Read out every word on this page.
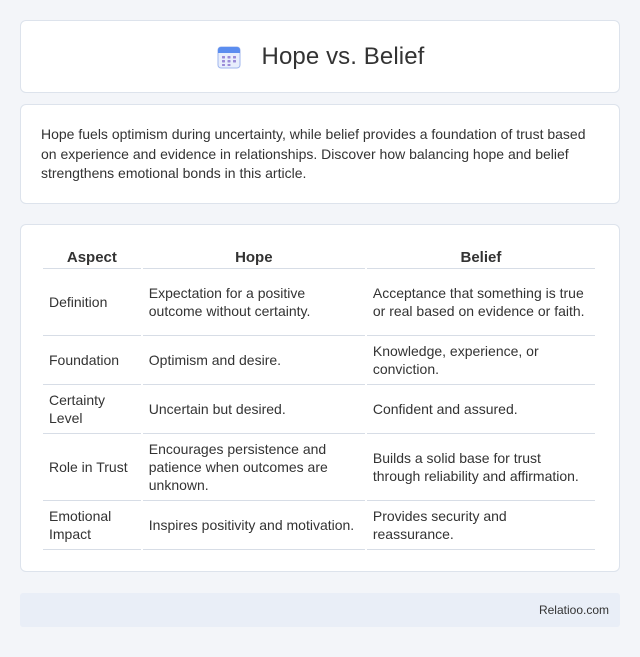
Hope vs. Belief

Hope fuels optimism during uncertainty, while belief provides a foundation of trust based on experience and evidence in relationships. Discover how balancing hope and belief strengthens emotional bonds in this article.

Aspect	Hope	Belief
Definition	Expectation for a positive outcome without certainty.	Acceptance that something is true or real based on evidence or faith.
Foundation	Optimism and desire.	Knowledge, experience, or conviction.
Certainty Level	Uncertain but desired.	Confident and assured.
Role in Trust	Encourages persistence and patience when outcomes are unknown.	Builds a solid base for trust through reliability and affirmation.
Emotional Impact	Inspires positivity and motivation.	Provides security and reassurance.
Relatioo.com
